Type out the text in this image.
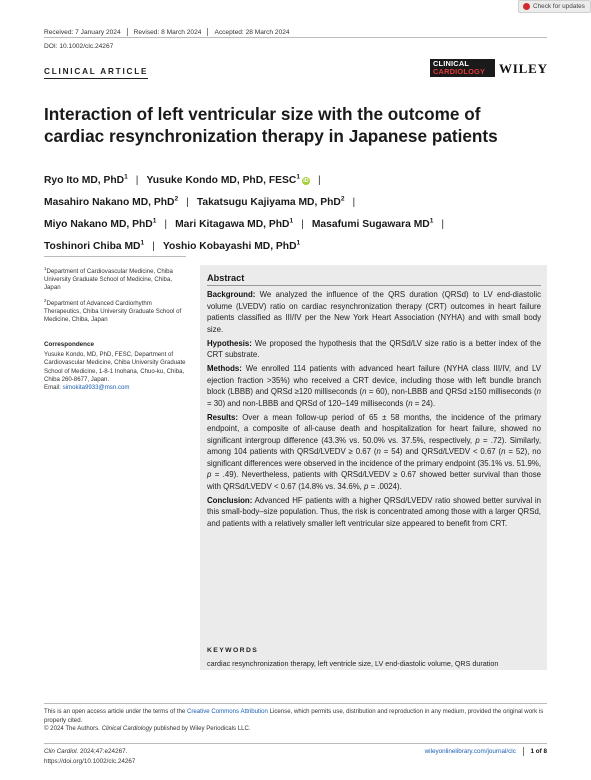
Check for updates
Received: 7 January 2024 Revised: 8 March 2024 Accepted: 28 March 2024
DOI: 10.1002/clc.24267
CLINICAL ARTICLE
CLINICAL
CARDIOLOGY	WILEY
Interaction of left ventricular size with the outcome of cardiac resynchronization therapy in Japanese patients
Ryo Ito MD, PhD$^1$ | Yusuke Kondo MD, PhD, FESC$^1$ iD |
Masahiro Nakano MD, PhD$^2$ | Takatsugu Kajiyama MD, PhD$^2$ |
Miyo Nakano MD, PhD$^1$ | Mari Kitagawa MD, PhD$^1$ | Masafumi Sugawara $MD^1$ |
Toshinori Chiba $MD^1$ | Yoshio Kobayashi MD, PhD$^1$
$^1$Department of Cardiovascular Medicine, Chiba University Graduate School of Medicine, Chiba, Japan
$^2$Department of Advanced Cardiorhythm Therapeutics, Chiba University Graduate School of Medicine, Chiba, Japan
Correspondence
Yusuke Kondo, MD, PhD, FESC, Department of Cardiovascular Medicine, Chiba University Graduate School of Medicine, 1-8-1 Inohana, Chuo-ku, Chiba, Chiba 260-8677, Japan.
Email: simokita9933@msn.com
Abstract

Background: We analyzed the influence of the QRS duration (QRSd) to LV end-diastolic volume (LVEDV) ratio on cardiac resynchronization therapy (CRT) outcomes in heart failure patients classified as III/IV per the New York Heart Association (NYHA) and with small body size.

Hypothesis: We proposed the hypothesis that the QRSd/LV size ratio is a better index of the CRT substrate.

Methods: We enrolled 114 patients with advanced heart failure (NYHA class III/IV, and LV ejection fraction >35%) who received a CRT device, including those with left bundle branch block (LBBB) and QRSd ≥120 milliseconds (n = 60), non-LBBB and QRSd ≥150 milliseconds (n = 30) and non-LBBB and QRSd of 120–149 milliseconds (n = 24).

Results: Over a mean follow-up period of 65 ± 58 months, the incidence of the primary endpoint, a composite of all-cause death and hospitalization for heart failure, showed no significant intergroup difference (43.3% vs. 50.0% vs. 37.5%, respectively, p = .72). Similarly, among 104 patients with QRSd/LVEDV ≥ 0.67 (n = 54) and QRSd/LVEDV < 0.67 (n = 52), no significant differences were observed in the incidence of the primary endpoint (35.1% vs. 51.9%, p = .49). Nevertheless, patients with QRSd/LVEDV ≥ 0.67 showed better survival than those with QRSd/LVEDV < 0.67 (14.8% vs. 34.6%, p = .0024).

Conclusion: Advanced HF patients with a higher QRSd/LVEDV ratio showed better survival in this small-body–size population. Thus, the risk is concentrated among those with a larger QRSd, and patients with a relatively smaller left ventricular size appeared to benefit from CRT.

KEYWORDS
cardiac resynchronization therapy, left ventricle size, LV end-diastolic volume, QRS duration
This is an open access article under the terms of the Creative Commons Attribution License, which permits use, distribution and reproduction in any medium, provided the original work is properly cited.
© 2024 The Authors. Clinical Cardiology published by Wiley Periodicals LLC.
Clin Cardiol. 2024;47:e24267.
https://doi.org/10.1002/clc.24267
wileyonlinelibrary.com/journal/clc 1 of 8
